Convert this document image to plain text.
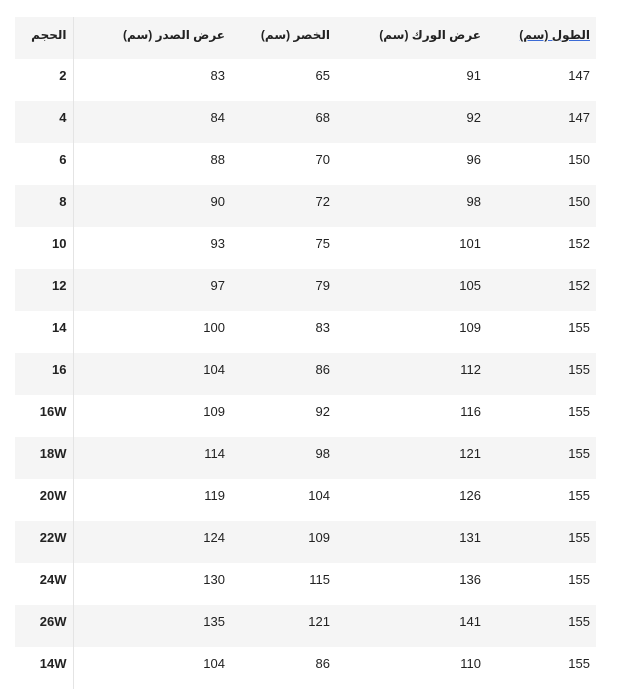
الحجم	عرض الصدر (سم)	الخصر (سم)	عرض الورك (سم)	الطول (سم)
2	83	65	91	147
4	84	68	92	147
6	88	70	96	150
8	90	72	98	150
10	93	75	101	152
12	97	79	105	152
14	100	83	109	155
16	104	86	112	155
16W	109	92	116	155
18W	114	98	121	155
20W	119	104	126	155
22W	124	109	131	155
24W	130	115	136	155
26W	135	121	141	155
14W	104	86	110	155
